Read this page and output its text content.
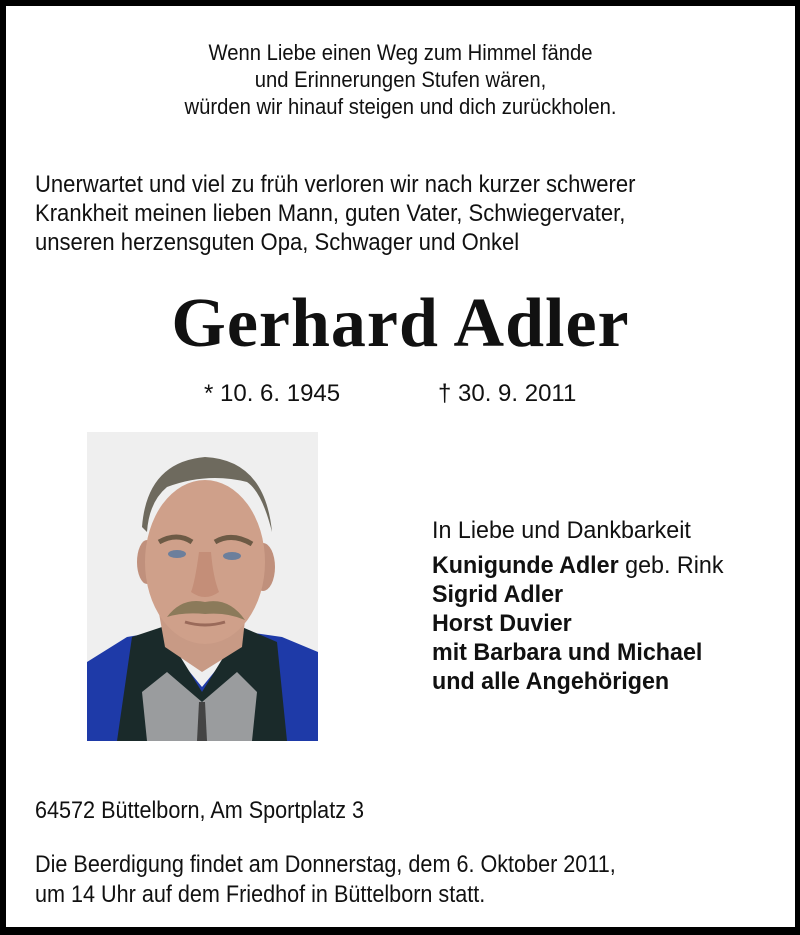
Wenn Liebe einen Weg zum Himmel fände
und Erinnerungen Stufen wären,
würden wir hinauf steigen und dich zurückholen.
Unerwartet und viel zu früh verloren wir nach kurzer schwerer
Krankheit meinen lieben Mann, guten Vater, Schwiegervater,
unseren herzensguten Opa, Schwager und Onkel
Gerhard Adler
* 10. 6. 1945	† 30. 9. 2011
In Liebe und Dankbarkeit
Kunigunde Adler geb. Rink
Sigrid Adler
Horst Duvier
mit Barbara und Michael
und alle Angehörigen
64572 Büttelborn, Am Sportplatz 3
Die Beerdigung findet am Donnerstag, dem 6. Oktober 2011,
um 14 Uhr auf dem Friedhof in Büttelborn statt.
